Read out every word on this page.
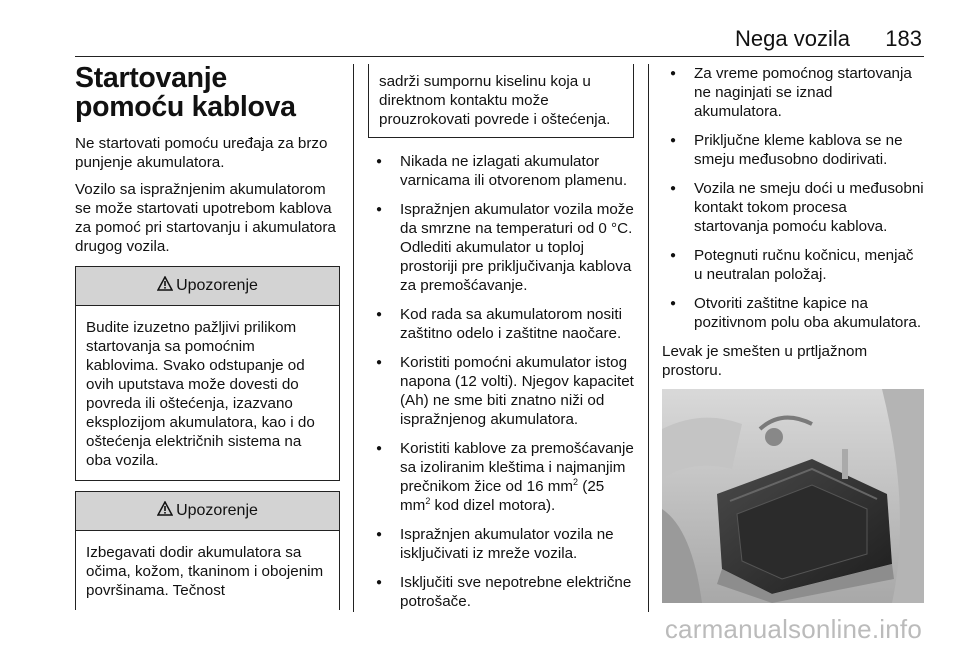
Nega vozila 183
Startovanje pomoću kablova

Ne startovati pomoću uređaja za brzo punjenje akumulatora.

Vozilo sa ispražnjenim akumulatorom se može startovati upotrebom kablova za pomoć pri startovanju i akumulatora drugog vozila.

Upozorenje
Budite izuzetno pažljivi prilikom startovanja sa pomoćnim kablovima. Svako odstupanje od ovih uputstava može dovesti do povreda ili oštećenja, izazvano eksplozijom akumulatora, kao i do oštećenja električnih sistema na oba vozila.
Upozorenje
Izbegavati dodir akumulatora sa očima, kožom, tkaninom i obojenim površinama. Tečnost
sadrži sumpornu kiselinu koja u direktnom kontaktu može prouzrokovati povrede i oštećenja.
● Nikada ne izlagati akumulator varnicama ili otvorenom plamenu.
● Ispražnjen akumulator vozila može da smrzne na temperaturi od 0 °C. Odlediti akumulator u toploj prostoriji pre priključivanja kablova za premošćavanje.
● Kod rada sa akumulatorom nositi zaštitno odelo i zaštitne naočare.
● Koristiti pomoćni akumulator istog napona (12 volti). Njegov kapacitet (Ah) ne sme biti znatno niži od ispražnjenog akumulatora.
● Koristiti kablove za premošćavanje sa izoliranim kleštima i najmanjim prečnikom žice od 16 $mm^2$ (25 $mm^2$ kod dizel motora).
● Ispražnjen akumulator vozila ne isključivati iz mreže vozila.
● Isključiti sve nepotrebne električne potrošače.
● Za vreme pomoćnog startovanja ne naginjati se iznad akumulatora.
● Priključne kleme kablova se ne smeju međusobno dodirivati.
● Vozila ne smeju doći u međusobni kontakt tokom procesa startovanja pomoću kablova.
● Potegnuti ručnu kočnicu, menjač u neutralan položaj.
● Otvoriti zaštitne kapice na pozitivnom polu oba akumulatora.

Levak je smešten u prtljažnom prostoru.

carmanualsonline.info
